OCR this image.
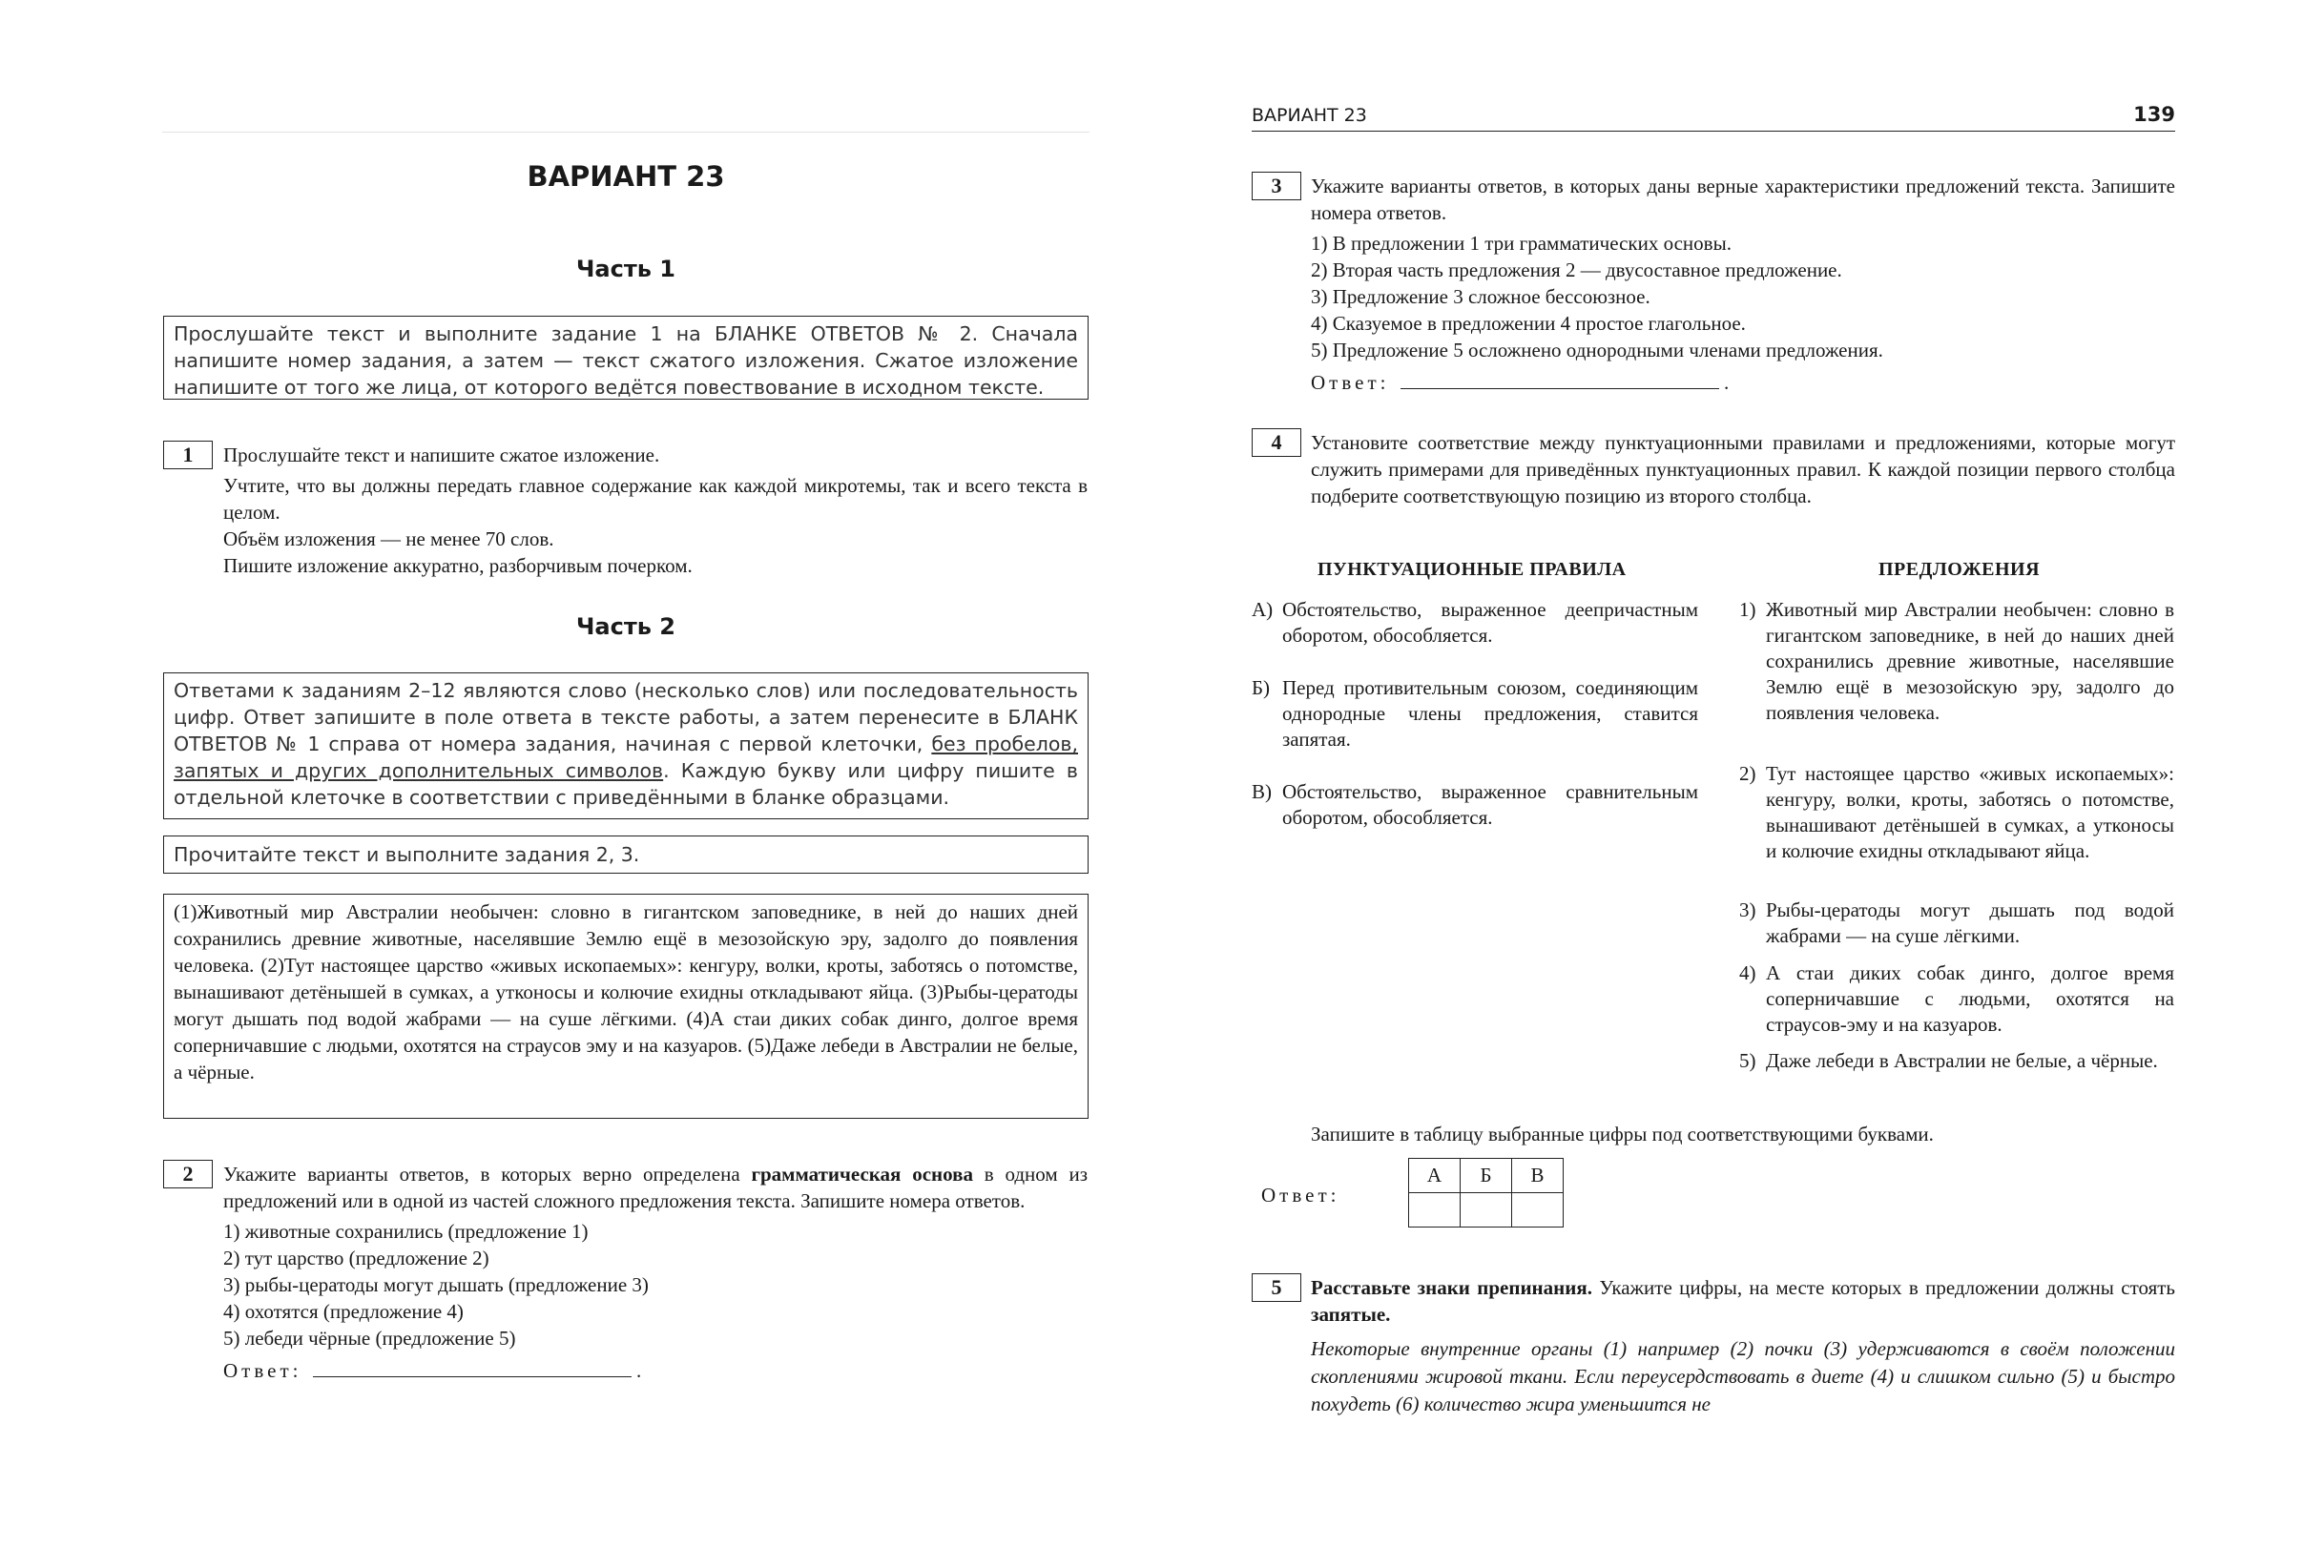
ВАРИАНТ 23
Часть 1
Прослушайте текст и выполните задание 1 на БЛАНКЕ ОТВЕТОВ № 2. Сначала напишите номер задания, а затем — текст сжатого изложения. Сжатое изложение напишите от того же лица, от которого ведётся повествование в исходном тексте.
1	Прослушайте текст и напишите сжатое изложение.

Учтите, что вы должны передать главное содержание как каждой микротемы, так и всего текста в целом.

Объём изложения — не менее 70 слов.

Пишите изложение аккуратно, разборчивым почерком.

Часть 2
Ответами к заданиям 2–12 являются слово (несколько слов) или последовательность цифр. Ответ запишите в поле ответа в тексте работы, а затем перенесите в БЛАНК ОТВЕТОВ № 1 справа от номера задания, начиная с первой клеточки, без пробелов, запятых и других дополнительных символов. Каждую букву или цифру пишите в отдельной клеточке в соответствии с приведёнными в бланке образцами.
Прочитайте текст и выполните задания 2, 3.
(1)Животный мир Австралии необычен: словно в гигантском заповеднике, в ней до наших дней сохранились древние животные, населявшие Землю ещё в мезозойскую эру, задолго до появления человека. (2)Тут настоящее царство «живых ископаемых»: кенгуру, волки, кроты, заботясь о потомстве, вынашивают детёнышей в сумках, а утконосы и колючие ехидны откладывают яйца. (3)Рыбы-цератоды могут дышать под водой жабрами — на суше лёгкими. (4)А стаи диких собак динго, долгое время соперничавшие с людьми, охотятся на страусов эму и на казуаров. (5)Даже лебеди в Австралии не белые, а чёрные.
2	Укажите варианты ответов, в которых верно определена грамматическая основа в одном из предложений или в одной из частей сложного предложения текста. Запишите номера ответов.

1) животные сохранились (предложение 1)
2) тут царство (предложение 2)
3) рыбы-цератоды могут дышать (предложение 3)
4) охотятся (предложение 4)
5) лебеди чёрные (предложение 5)
Ответ:	.
ВАРИАНТ 23	139
3	Укажите варианты ответов, в которых даны верные характеристики предложений текста. Запишите номера ответов.

1) В предложении 1 три грамматических основы.
2) Вторая часть предложения 2 — двусоставное предложение.
3) Предложение 3 сложное бессоюзное.
4) Сказуемое в предложении 4 простое глагольное.
5) Предложение 5 осложнено однородными членами предложения.
Ответ:	.
4	Установите соответствие между пунктуационными правилами и предложениями, которые могут служить примерами для приведённых пунктуационных правил. К каждой позиции первого столбца подберите соответствующую позицию из второго столбца.

ПУНКТУАЦИОННЫЕ ПРАВИЛА	ПРЕДЛОЖЕНИЯ
А) Обстоятельство, выраженное деепричастным оборотом, обособляется.
Б) Перед противительным союзом, соединяющим однородные члены предложения, ставится запятая.
В) Обстоятельство, выраженное сравнительным оборотом, обособляется.
1) Животный мир Австралии необычен: словно в гигантском заповеднике, в ней до наших дней сохранились древние животные, населявшие Землю ещё в мезозойскую эру, задолго до появления человека.
2) Тут настоящее царство «живых ископаемых»: кенгуру, волки, кроты, заботясь о потомстве, вынашивают детёнышей в сумках, а утконосы и колючие ехидны откладывают яйца.
3) Рыбы-цератоды могут дышать под водой жабрами — на суше лёгкими.
4) А стаи диких собак динго, долгое время соперничавшие с людьми, охотятся на страусов-эму и на казуаров.
5) Даже лебеди в Австралии не белые, а чёрные.
Запишите в таблицу выбранные цифры под соответствующими буквами.
Ответ:
А	Б	В

5	Расставьте знаки препинания. Укажите цифры, на месте которых в предложении должны стоять запятые.

Некоторые внутренние органы (1) например (2) почки (3) удерживаются в своём положении скоплениями жировой ткани. Если переусердствовать в диете (4) и слишком сильно (5) и быстро похудеть (6) количество жира уменьшится не
